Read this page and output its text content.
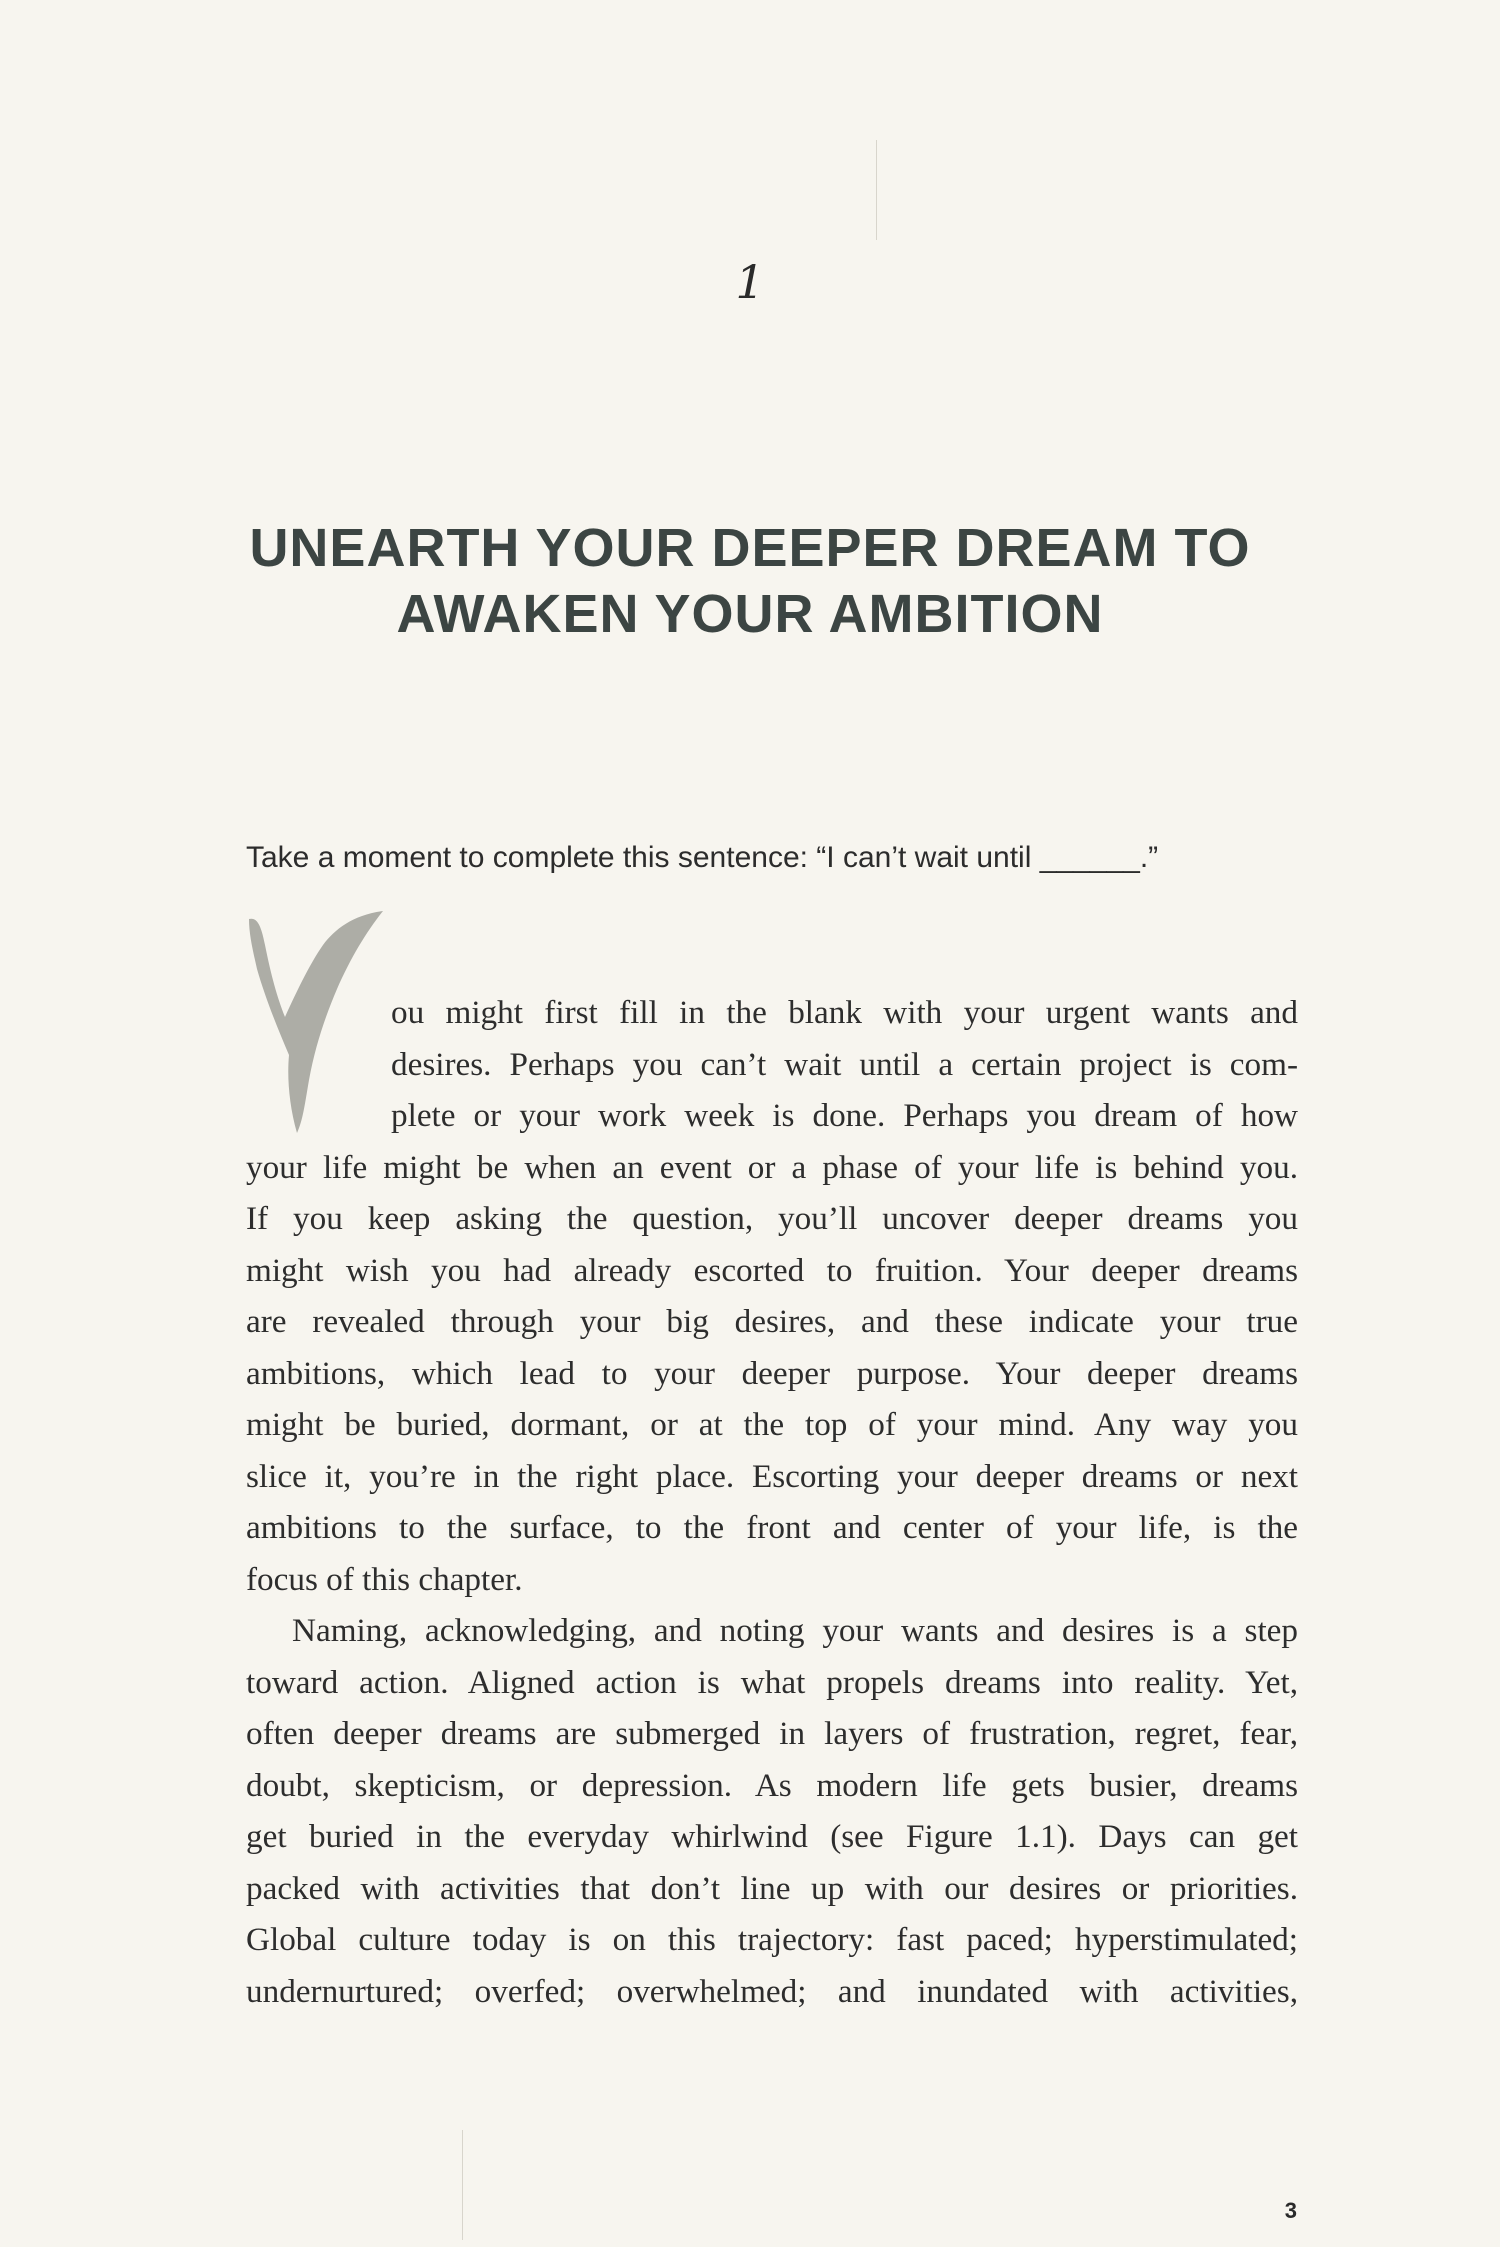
1
UNEARTH YOUR DEEPER DREAM TO
AWAKEN YOUR AMBITION
Take a moment to complete this sentence: “I can’t wait until ______.”
Y

ou might first fill in the blank with your urgent wants and
desires. Perhaps you can’t wait until a certain project is com-
plete or your work week is done. Perhaps you dream of how
your life might be when an event or a phase of your life is behind you.
If you keep asking the question, you’ll uncover deeper dreams you
might wish you had already escorted to fruition. Your deeper dreams
are revealed through your big desires, and these indicate your true
ambitions, which lead to your deeper purpose. Your deeper dreams
might be buried, dormant, or at the top of your mind. Any way you
slice it, you’re in the right place. Escorting your deeper dreams or next
ambitions to the surface, to the front and center of your life, is the
focus of this chapter.

Naming, acknowledging, and noting your wants and desires is a step
toward action. Aligned action is what propels dreams into reality. Yet,
often deeper dreams are submerged in layers of frustration, regret, fear,
doubt, skepticism, or depression. As modern life gets busier, dreams
get buried in the everyday whirlwind (see Figure 1.1). Days can get
packed with activities that don’t line up with our desires or priorities.
Global culture today is on this trajectory: fast paced; hyperstimulated;
undernurtured; overfed; overwhelmed; and inundated with activities,

3
